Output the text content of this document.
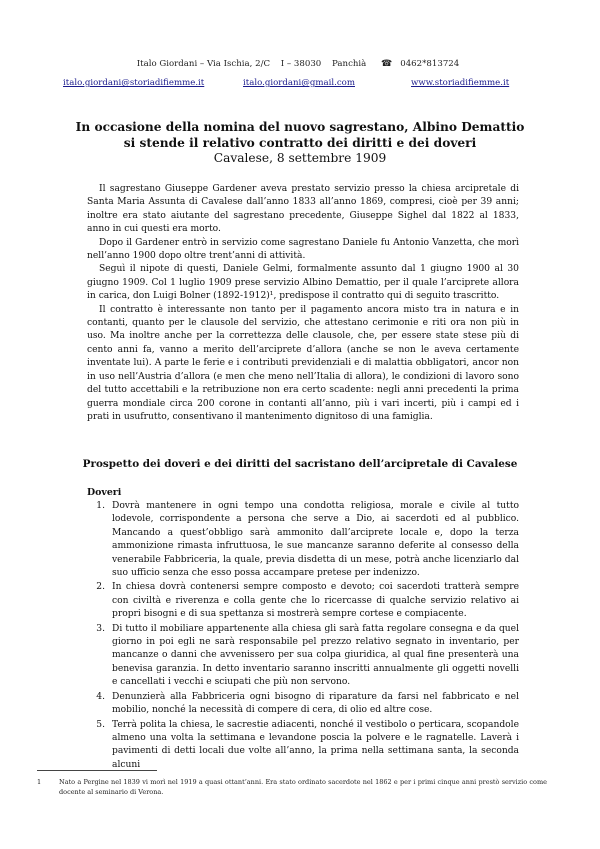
Italo Giordani – Via Ischia, 2/C I – 38030 Panchià ☎ 0462*813724
italo.giordani@storiadifiemme.it	italo.giordani@gmail.com	www.storiadifiemme.it
In occasione della nomina del nuovo sagrestano, Albino Demattio
si stende il relativo contratto dei diritti e dei doveri
Cavalese, 8 settembre 1909

Il sagrestano Giuseppe Gardener aveva prestato servizio presso la chiesa arcipretale di Santa Maria Assunta di Cavalese dall’anno 1833 all’anno 1869, compresi, cioè per 39 anni; inoltre era stato aiutante del sagrestano precedente, Giuseppe Sighel dal 1822 al 1833, anno in cui questi era morto.

Dopo il Gardener entrò in servizio come sagrestano Daniele fu Antonio Vanzetta, che morì nell’anno 1900 dopo oltre trent’anni di attività.

Seguì il nipote di questi, Daniele Gelmi, formalmente assunto dal 1 giugno 1900 al 30 giugno 1909. Col 1 luglio 1909 prese servizio Albino Demattio, per il quale l’arciprete allora in carica, don Luigi Bolner (1892-1912)¹, predispose il contratto qui di seguito trascritto.

Il contratto è interessante non tanto per il pagamento ancora misto tra in natura e in contanti, quanto per le clausole del servizio, che attestano cerimonie e riti ora non più in uso. Ma inoltre anche per la correttezza delle clausole, che, per essere state stese più di cento anni fa, vanno a merito dell’arciprete d’allora (anche se non le aveva certamente inventate lui). A parte le ferie e i contributi previdenziali e di malattia obbligatori, ancor non in uso nell’Austria d’allora (e men che meno nell’Italia di allora), le condizioni di lavoro sono del tutto accettabili e la retribuzione non era certo scadente: negli anni precedenti la prima guerra mondiale circa 200 corone in contanti all’anno, più i vari incerti, più i campi ed i prati in usufrutto, consentivano il mantenimento dignitoso di una famiglia.

Prospetto dei doveri e dei diritti del sacristano dell’arcipretale di Cavalese
Doveri
1. Dovrà mantenere in ogni tempo una condotta religiosa, morale e civile al tutto lodevole, corrispondente a persona che serve a Dio, ai sacerdoti ed al pubblico. Mancando a quest’obbligo sarà ammonito dall’arciprete locale e, dopo la terza ammonizione rimasta infruttuosa, le sue mancanze saranno deferite al consesso della venerabile Fabbriceria, la quale, previa disdetta di un mese, potrà anche licenziarlo dal suo ufficio senza che esso possa accampare pretese per indenizzo.
2. In chiesa dovrà contenersi sempre composto e devoto; coi sacerdoti tratterà sempre con civiltà e riverenza e colla gente che lo ricercasse di qualche servizio relativo ai propri bisogni e di sua spettanza si mostrerà sempre cortese e compiacente.
3. Di tutto il mobiliare appartenente alla chiesa gli sarà fatta regolare consegna e da quel giorno in poi egli ne sarà responsabile pel prezzo relativo segnato in inventario, per mancanze o danni che avvenissero per sua colpa giuridica, al qual fine presenterà una benevisa garanzia. In detto inventario saranno inscritti annualmente gli oggetti novelli e cancellati i vecchi e sciupati che più non servono.
4. Denunzierà alla Fabbriceria ogni bisogno di riparature da farsi nel fabbricato e nel mobilio, nonché la necessità di compere di cera, di olio ed altre cose.
5. Terrà polita la chiesa, le sacrestie adiacenti, nonché il vestibolo o perticara, scopandole almeno una volta la settimana e levandone poscia la polvere e le ragnatelle. Laverà i pavimenti di detti locali due volte all’anno, la prima nella settimana santa, la seconda alcuni
1	Nato a Pergine nel 1839 vi morì nel 1919 a quasi ottant’anni. Era stato ordinato sacerdote nel 1862 e per i primi cinque anni prestò servizio come docente al seminario di Verona.
